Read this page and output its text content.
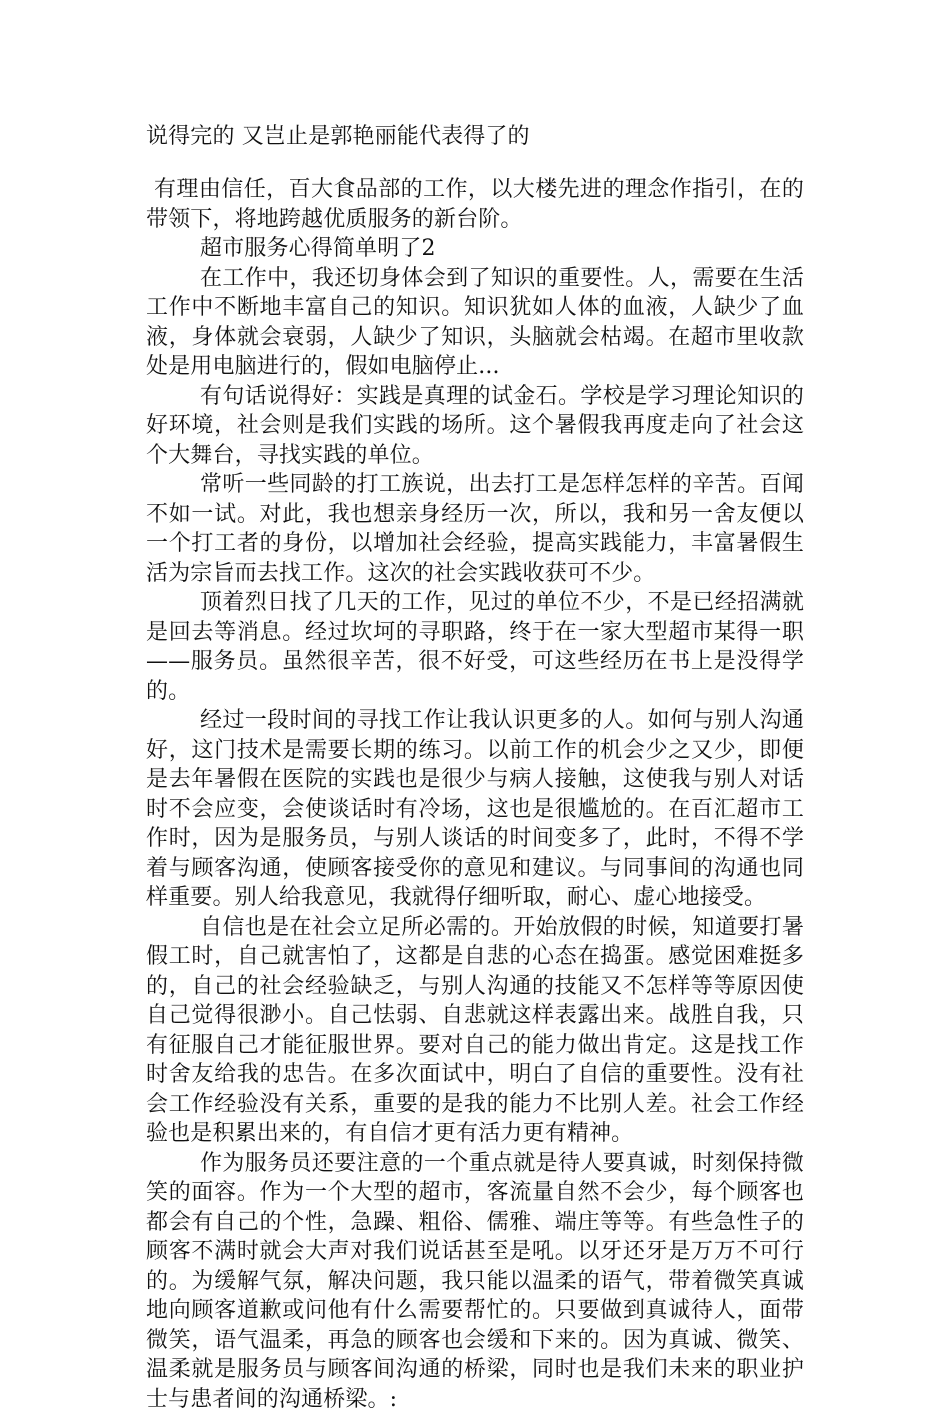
说得完的 又岂止是郭艳丽能代表得了的

有理由信任，百大食品部的工作，以大楼先进的理念作指引，在的带领下，将地跨越优质服务的新台阶。

超市服务心得简单明了2

在工作中，我还切身体会到了知识的重要性。人，需要在生活工作中不断地丰富自己的知识。知识犹如人体的血液，人缺少了血液，身体就会衰弱，人缺少了知识，头脑就会枯竭。在超市里收款处是用电脑进行的，假如电脑停止...

有句话说得好：实践是真理的试金石。学校是学习理论知识的好环境，社会则是我们实践的场所。这个暑假我再度走向了社会这个大舞台，寻找实践的单位。

常听一些同龄的打工族说，出去打工是怎样怎样的辛苦。百闻不如一试。对此，我也想亲身经历一次，所以，我和另一舍友便以一个打工者的身份，以增加社会经验，提高实践能力，丰富暑假生活为宗旨而去找工作。这次的社会实践收获可不少。

顶着烈日找了几天的工作，见过的单位不少，不是已经招满就是回去等消息。经过坎坷的寻职路，终于在一家大型超市某得一职——服务员。虽然很辛苦，很不好受，可这些经历在书上是没得学的。

经过一段时间的寻找工作让我认识更多的人。如何与别人沟通好，这门技术是需要长期的练习。以前工作的机会少之又少，即便是去年暑假在医院的实践也是很少与病人接触，这使我与别人对话时不会应变，会使谈话时有冷场，这也是很尴尬的。在百汇超市工作时，因为是服务员，与别人谈话的时间变多了，此时，不得不学着与顾客沟通，使顾客接受你的意见和建议。与同事间的沟通也同样重要。别人给我意见，我就得仔细听取，耐心、虚心地接受。

自信也是在社会立足所必需的。开始放假的时候，知道要打暑假工时，自己就害怕了，这都是自悲的心态在捣蛋。感觉困难挺多的，自己的社会经验缺乏，与别人沟通的技能又不怎样等等原因使自己觉得很渺小。自己怯弱、自悲就这样表露出来。战胜自我，只有征服自己才能征服世界。要对自己的能力做出肯定。这是找工作时舍友给我的忠告。在多次面试中，明白了自信的重要性。没有社会工作经验没有关系，重要的是我的能力不比别人差。社会工作经验也是积累出来的，有自信才更有活力更有精神。

作为服务员还要注意的一个重点就是待人要真诚，时刻保持微笑的面容。作为一个大型的超市，客流量自然不会少，每个顾客也都会有自己的个性，急躁、粗俗、儒雅、端庄等等。有些急性子的顾客不满时就会大声对我们说话甚至是吼。以牙还牙是万万不可行的。为缓解气氛，解决问题，我只能以温柔的语气，带着微笑真诚地向顾客道歉或问他有什么需要帮忙的。只要做到真诚待人，面带微笑，语气温柔，再急的顾客也会缓和下来的。因为真诚、微笑、温柔就是服务员与顾客间沟通的桥梁，同时也是我们未来的职业护士与患者间的沟通桥梁。:
